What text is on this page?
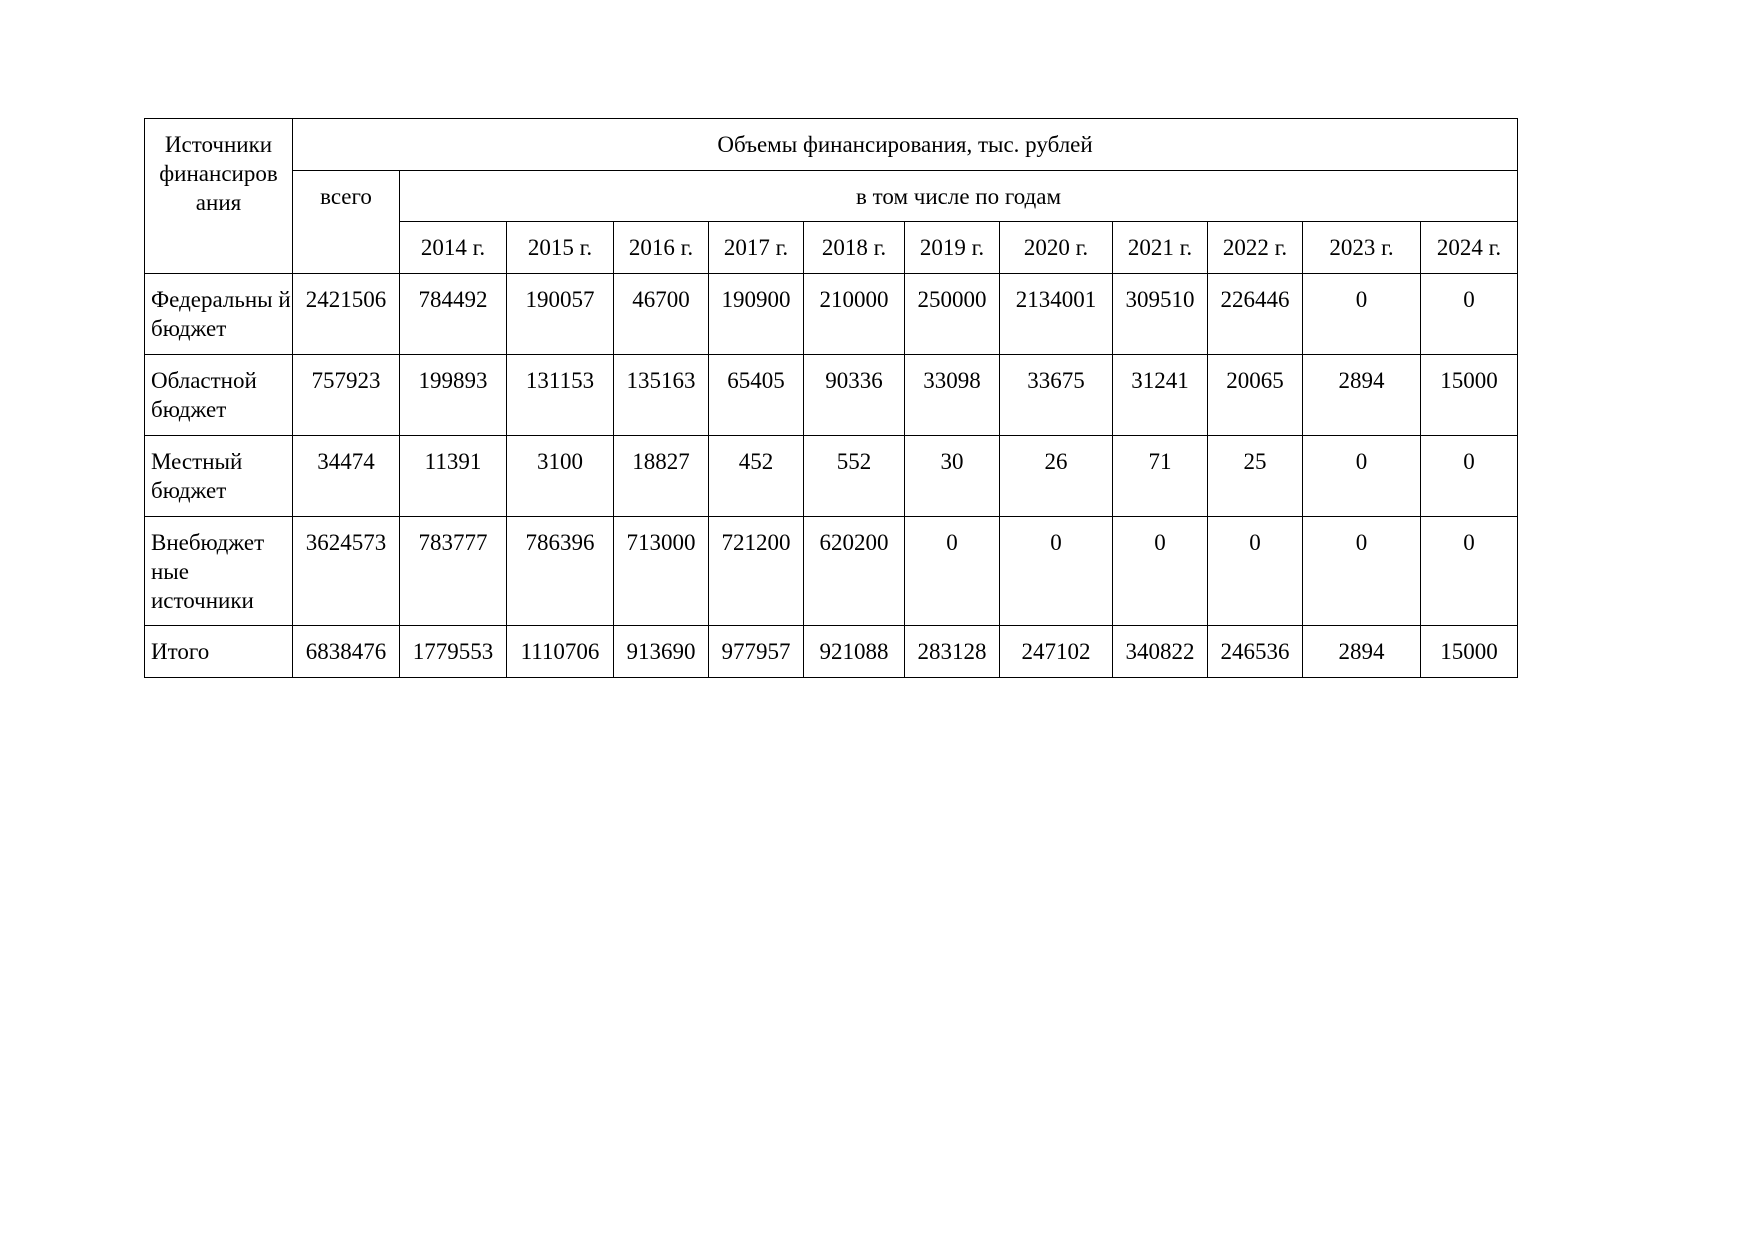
Источники финансиров ания	Объемы финансирования, тыс. рублей											

	всего	в том числе по годам										

		2014 г.	2015 г.	2016 г.	2017 г.	2018 г.	2019 г.	2020 г.	2021 г.	2022 г.	2023 г.	2024 г.

Федеральны й бюджет	2421506	784492	190057	46700	190900	210000	250000	2134001	309510	226446	0	0

Областной бюджет	757923	199893	131153	135163	65405	90336	33098	33675	31241	20065	2894	15000

Местный бюджет	34474	11391	3100	18827	452	552	30	26	71	25	0	0

Внебюджет ные источники	3624573	783777	786396	713000	721200	620200	0	0	0	0	0	0

Итого	6838476	1779553	1110706	913690	977957	921088	283128	247102	340822	246536	2894	15000
